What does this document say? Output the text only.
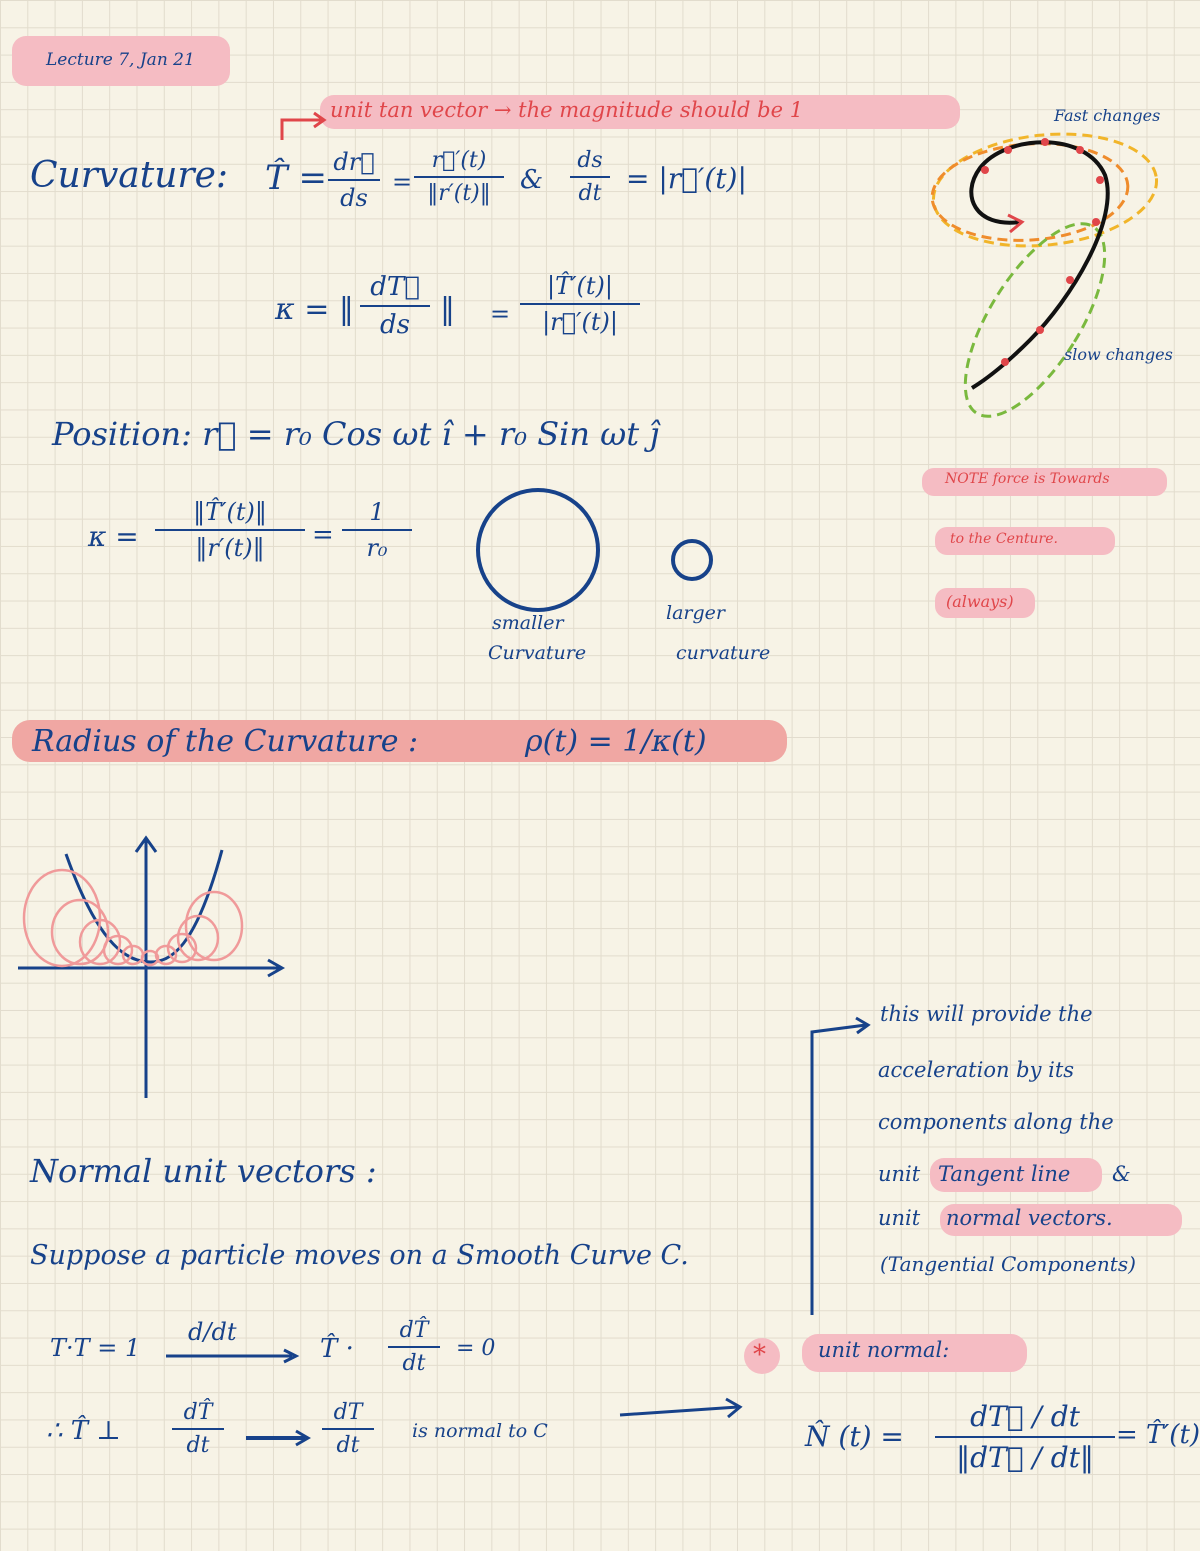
Lecture 7, Jan 21
unit tan vector → the magnitude should be 1
Curvature: T̂ = dr⃗
ds
=
r⃗′(t)
‖r′(t)‖	&
ds
dt = |r⃗′(t)|
κ = ‖
dT⃗
ds	‖ =
|T̂′(t)|
|r⃗′(t)|
Fast changes
slow changes
Position: r⃗ = r₀ Cos ωt î + r₀ Sin ωt ĵ
κ =
‖T̂′(t)‖
‖r′(t)‖	=
1
r₀
smaller
Curvature
larger
curvature
NOTE force is Towards
to the Centure.
(always)
Radius of the Curvature :	ρ(t) = 1/κ(t)
Normal unit vectors :
Suppose a particle moves on a Smooth Curve C.
T·T = 1
d/dt
T̂ ·
dT̂
dt
= 0
∴ T̂ ⊥
dT̂
dt
dT
dt
is normal to C
* unit normal:
N̂ (t) =
dT⃗ / dt
‖dT⃗ / dt‖
= T̂′(t)
this will provide the
acceleration by its
components along the
unit Tangent line &
unit normal vectors.
(Tangential Components)
